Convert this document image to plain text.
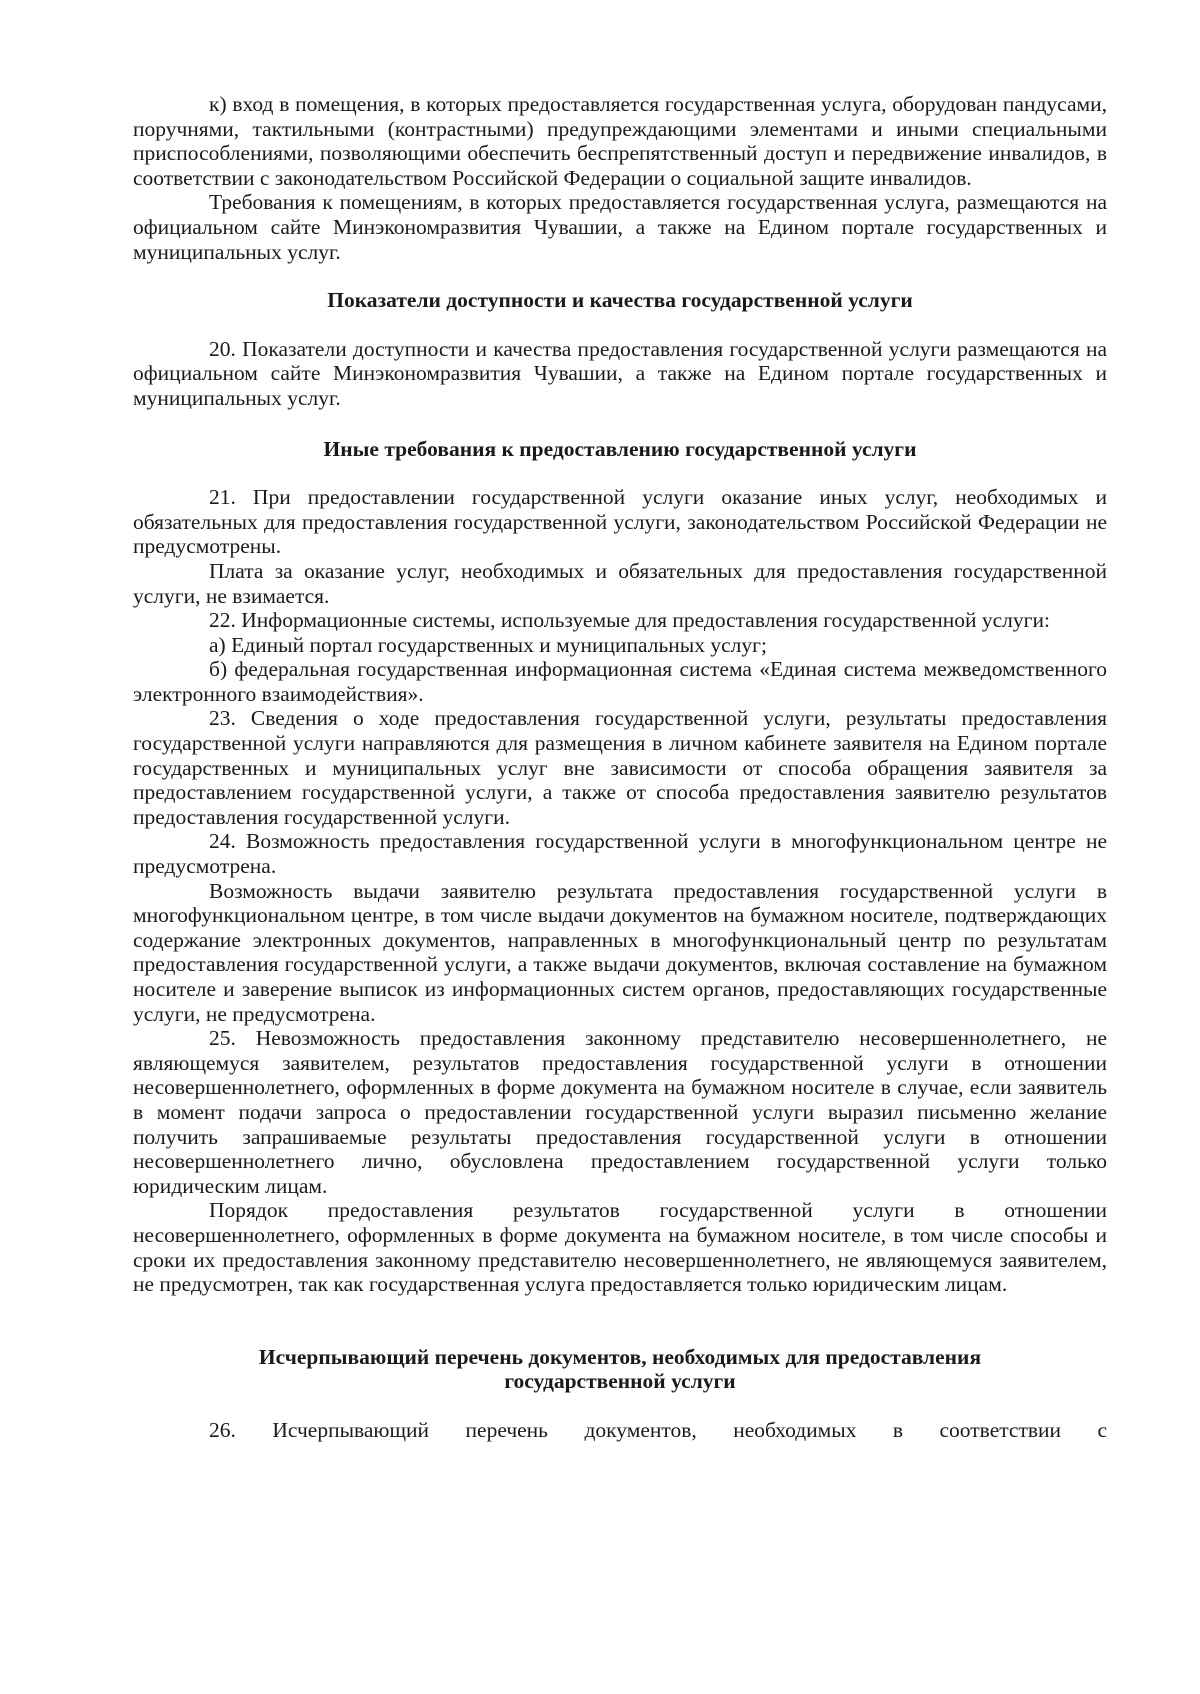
к) вход в помещения, в которых предоставляется государственная услуга, оборудован пандусами, поручнями, тактильными (контрастными) предупреждающими элементами и иными специальными приспособлениями, позволяющими обеспечить беспрепятственный доступ и передвижение инвалидов, в соответствии с законодательством Российской Федерации о социальной защите инвалидов.

Требования к помещениям, в которых предоставляется государственная услуга, размещаются на официальном сайте Минэкономразвития Чувашии, а также на Едином портале государственных и муниципальных услуг.

Показатели доступности и качества государственной услуги

20. Показатели доступности и качества предоставления государственной услуги размещаются на официальном сайте Минэкономразвития Чувашии, а также на Едином портале государственных и муниципальных услуг.

Иные требования к предоставлению государственной услуги

21. При предоставлении государственной услуги оказание иных услуг, необходимых и обязательных для предоставления государственной услуги, законодательством Российской Федерации не предусмотрены.

Плата за оказание услуг, необходимых и обязательных для предоставления государственной услуги, не взимается.

22. Информационные системы, используемые для предоставления государственной услуги:

а) Единый портал государственных и муниципальных услуг;

б) федеральная государственная информационная система «Единая система межведомственного электронного взаимодействия».

23. Сведения о ходе предоставления государственной услуги, результаты предоставления государственной услуги направляются для размещения в личном кабинете заявителя на Едином портале государственных и муниципальных услуг вне зависимости от способа обращения заявителя за предоставлением государственной услуги, а также от способа предоставления заявителю результатов предоставления государственной услуги.

24. Возможность предоставления государственной услуги в многофункциональном центре не предусмотрена.

Возможность выдачи заявителю результата предоставления государственной услуги в многофункциональном центре, в том числе выдачи документов на бумажном носителе, подтверждающих содержание электронных документов, направленных в многофункциональный центр по результатам предоставления государственной услуги, а также выдачи документов, включая составление на бумажном носителе и заверение выписок из информационных систем органов, предоставляющих государственные услуги, не предусмотрена.

25. Невозможность предоставления законному представителю несовершеннолетнего, не являющемуся заявителем, результатов предоставления государственной услуги в отношении несовершеннолетнего, оформленных в форме документа на бумажном носителе в случае, если заявитель в момент подачи запроса о предоставлении государственной услуги выразил письменно желание получить запрашиваемые результаты предоставления государственной услуги в отношении несовершеннолетнего лично, обусловлена предоставлением государственной услуги только юридическим лицам.

Порядок предоставления результатов государственной услуги в отношении несовершеннолетнего, оформленных в форме документа на бумажном носителе, в том числе способы и сроки их предоставления законному представителю несовершеннолетнего, не являющемуся заявителем, не предусмотрен, так как государственная услуга предоставляется только юридическим лицам.

Исчерпывающий перечень документов, необходимых для предоставления
государственной услуги

26. Исчерпывающий перечень документов, необходимых в соответствии с
